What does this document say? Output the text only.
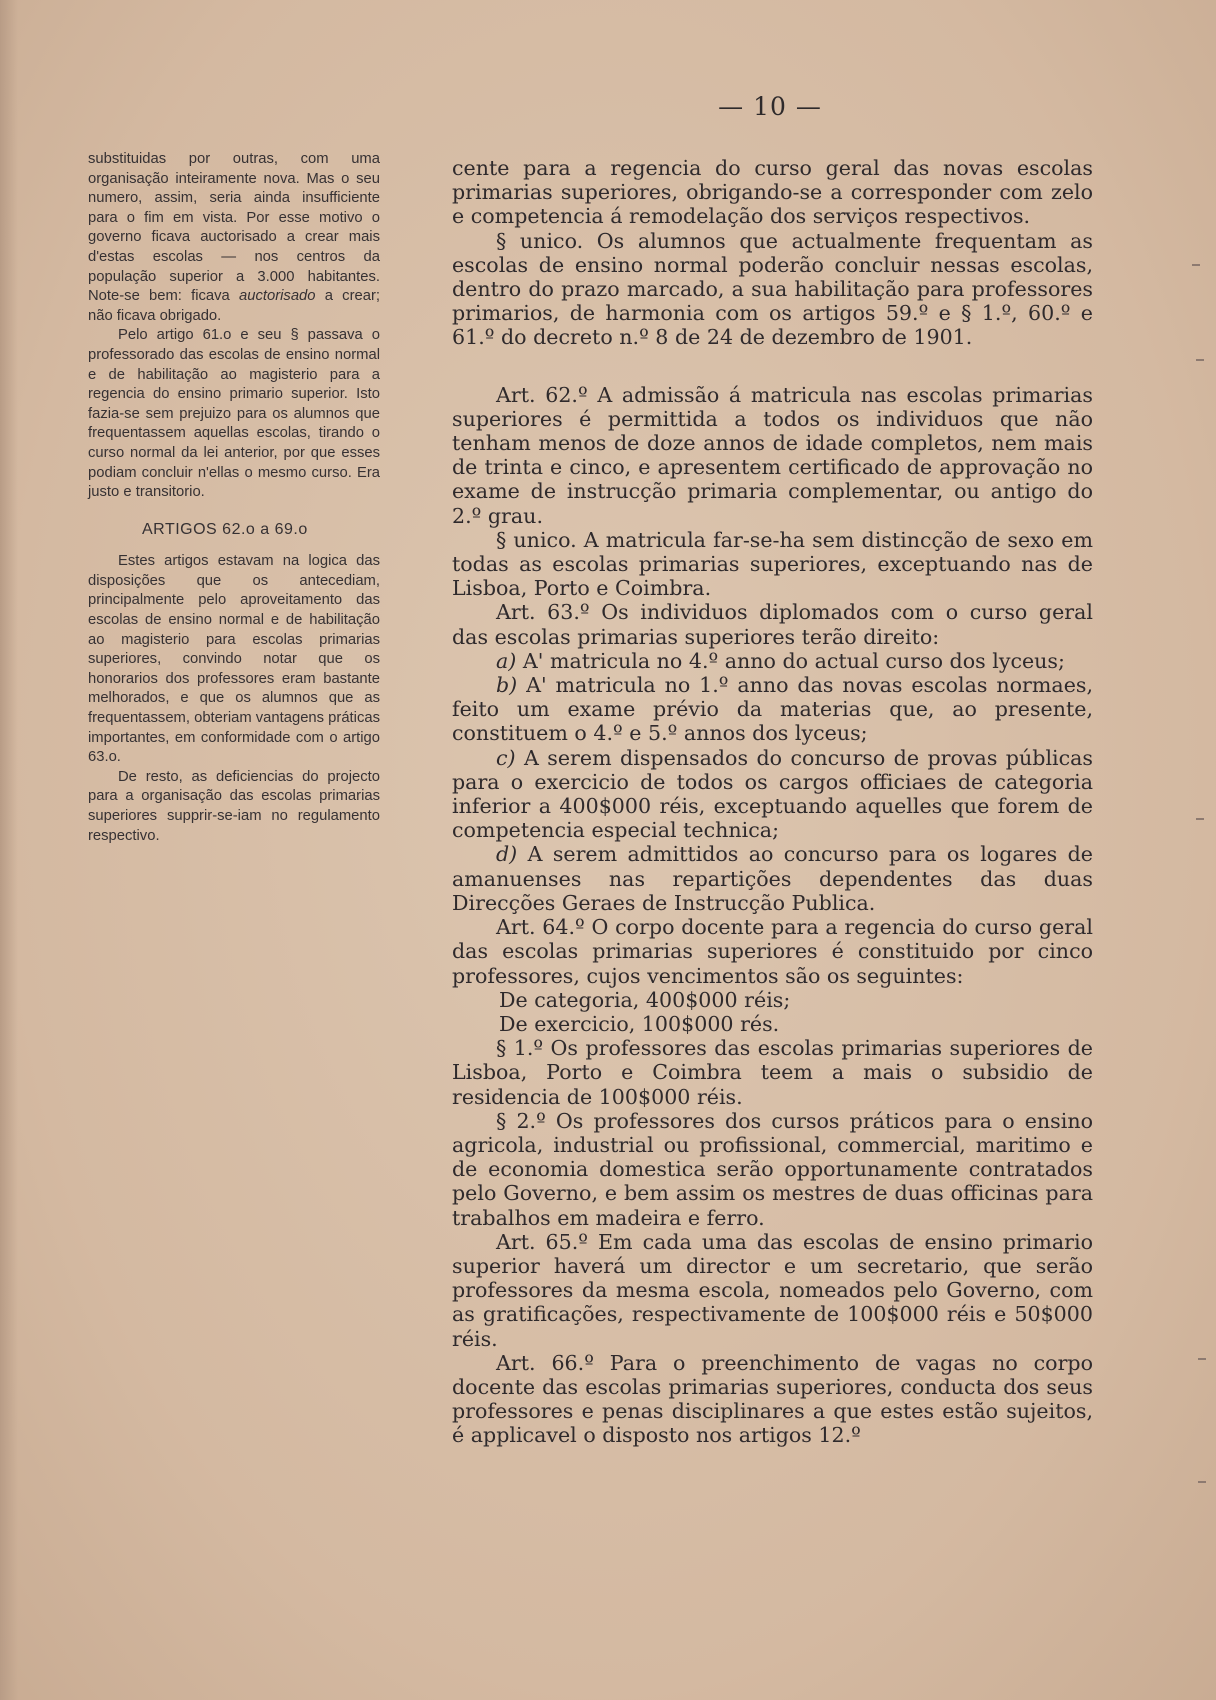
— 10 —

substituidas por outras, com uma organisação inteiramente nova. Mas o seu numero, assim, seria ainda insufficiente para o fim em vista. Por esse motivo o governo ficava auctorisado a crear mais d'estas escolas — nos centros da população superior a 3.000 habitantes. Note-se bem: ficava auctorisado a crear; não ficava obrigado.

Pelo artigo 61.o e seu § passava o professorado das escolas de ensino normal e de habilitação ao magisterio para a regencia do ensino primario superior. Isto fazia-se sem prejuizo para os alumnos que frequentassem aquellas escolas, tirando o curso normal da lei anterior, por que esses podiam concluir n'ellas o mesmo curso. Era justo e transitorio.

ARTIGOS 62.o a 69.o

Estes artigos estavam na logica das disposições que os antecediam, principalmente pelo aproveitamento das escolas de ensino normal e de habilitação ao magisterio para escolas primarias superiores, convindo notar que os honorarios dos professores eram bastante melhorados, e que os alumnos que as frequentassem, obteriam vantagens práticas importantes, em conformidade com o artigo 63.o.

De resto, as deficiencias do projecto para a organisação das escolas primarias superiores supprir-se-iam no regulamento respectivo.

cente para a regencia do curso geral das novas escolas primarias superiores, obrigando-se a corresponder com zelo e competencia á remodelação dos serviços respectivos.

§ unico. Os alumnos que actualmente frequentam as escolas de ensino normal poderão concluir nessas escolas, dentro do prazo marcado, a sua habilitação para professores primarios, de harmonia com os artigos 59.º e § 1.º, 60.º e 61.º do decreto n.º 8 de 24 de dezembro de 1901.

Art. 62.º A admissão á matricula nas escolas primarias superiores é permittida a todos os individuos que não tenham menos de doze annos de idade completos, nem mais de trinta e cinco, e apresentem certificado de approvação no exame de instrucção primaria complementar, ou antigo do 2.º grau.

§ unico. A matricula far-se-ha sem distincção de sexo em todas as escolas primarias superiores, exceptuando nas de Lisboa, Porto e Coimbra.

Art. 63.º Os individuos diplomados com o curso geral das escolas primarias superiores terão direito:

a) A' matricula no 4.º anno do actual curso dos lyceus;

b) A' matricula no 1.º anno das novas escolas normaes, feito um exame prévio da materias que, ao presente, constituem o 4.º e 5.º annos dos lyceus;

c) A serem dispensados do concurso de provas públicas para o exercicio de todos os cargos officiaes de categoria inferior a 400$000 réis, exceptuando aquelles que forem de competencia especial technica;

d) A serem admittidos ao concurso para os logares de amanuenses nas repartições dependentes das duas Direcções Geraes de Instrucção Publica.

Art. 64.º O corpo docente para a regencia do curso geral das escolas primarias superiores é constituido por cinco professores, cujos vencimentos são os seguintes:

De categoria, 400$000 réis;

De exercicio, 100$000 rés.

§ 1.º Os professores das escolas primarias superiores de Lisboa, Porto e Coimbra teem a mais o subsidio de residencia de 100$000 réis.

§ 2.º Os professores dos cursos práticos para o ensino agricola, industrial ou profissional, commercial, maritimo e de economia domestica serão opportunamente contratados pelo Governo, e bem assim os mestres de duas officinas para trabalhos em madeira e ferro.

Art. 65.º Em cada uma das escolas de ensino primario superior haverá um director e um secretario, que serão professores da mesma escola, nomeados pelo Governo, com as gratificações, respectivamente de 100$000 réis e 50$000 réis.

Art. 66.º Para o preenchimento de vagas no corpo docente das escolas primarias superiores, conducta dos seus professores e penas disciplinares a que estes estão sujeitos, é applicavel o disposto nos artigos 12.º
